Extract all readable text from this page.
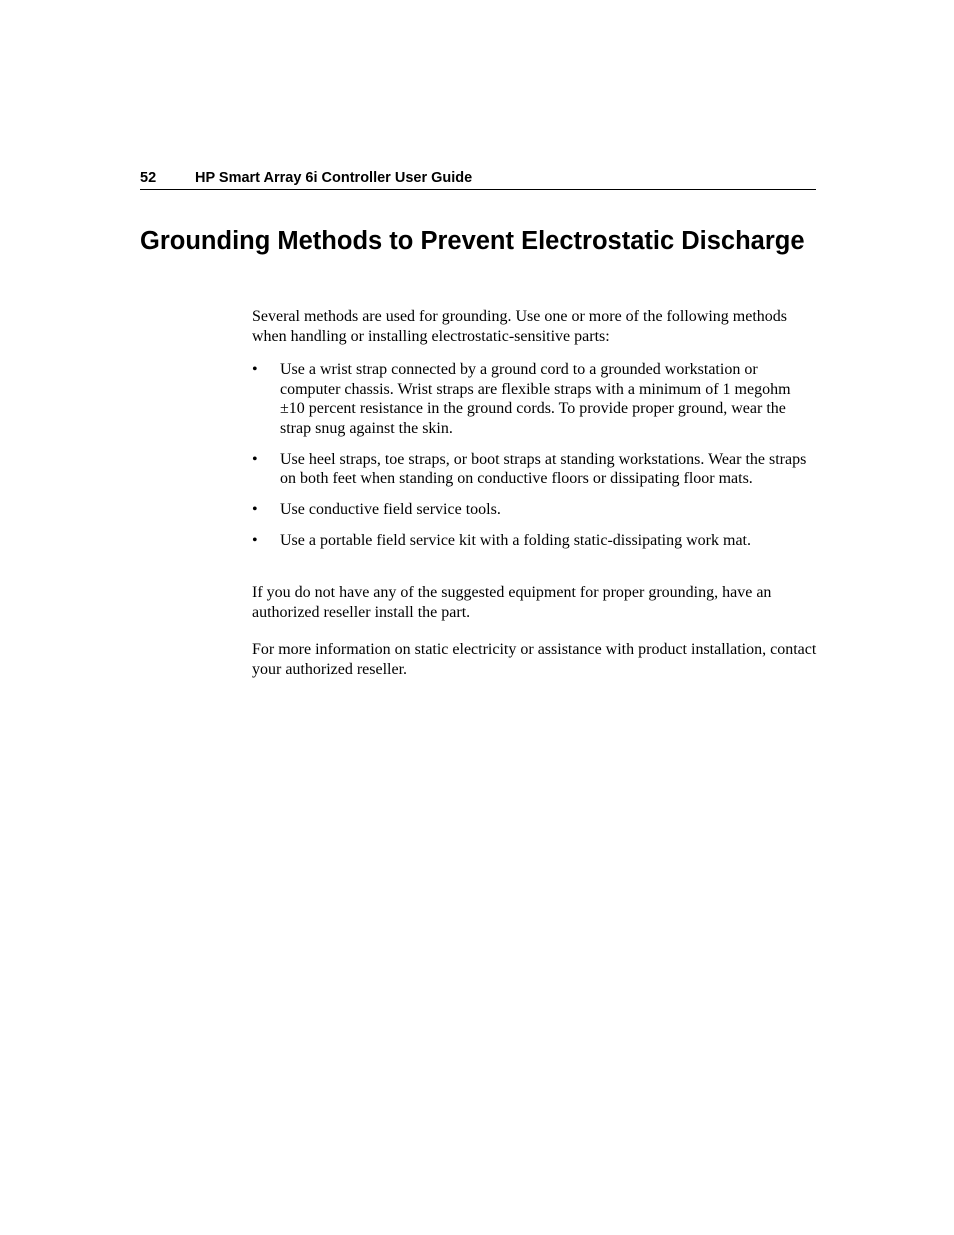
52	HP Smart Array 6i Controller User Guide
Grounding Methods to Prevent Electrostatic Discharge

Several methods are used for grounding. Use one or more of the following methods when handling or installing electrostatic-sensitive parts:

• Use a wrist strap connected by a ground cord to a grounded workstation or computer chassis. Wrist straps are flexible straps with a minimum of 1 megohm ±10 percent resistance in the ground cords. To provide proper ground, wear the strap snug against the skin.
• Use heel straps, toe straps, or boot straps at standing workstations. Wear the straps on both feet when standing on conductive floors or dissipating floor mats.
• Use conductive field service tools.
• Use a portable field service kit with a folding static-dissipating work mat.

If you do not have any of the suggested equipment for proper grounding, have an authorized reseller install the part.

For more information on static electricity or assistance with product installation, contact your authorized reseller.
